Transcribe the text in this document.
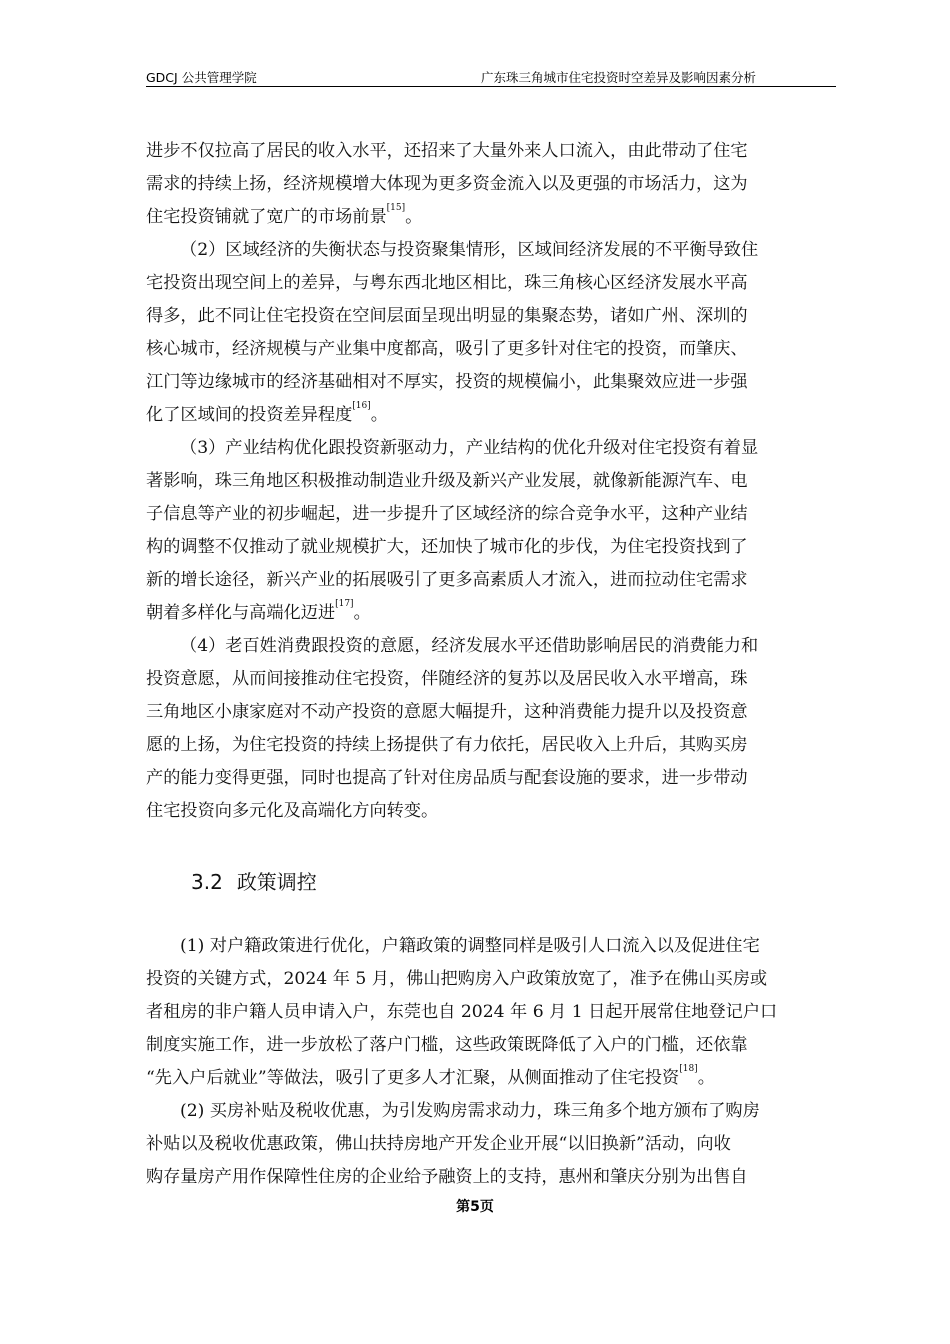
GDCJ 公共管理学院	广东珠三角城市住宅投资时空差异及影响因素分析

进步不仅拉高了居民的收入水平，还招来了大量外来人口流入，由此带动了住宅

需求的持续上扬，经济规模增大体现为更多资金流入以及更强的市场活力，这为

住宅投资铺就了宽广的市场前景[15]。

（2）区域经济的失衡状态与投资聚集情形，区域间经济发展的不平衡导致住

宅投资出现空间上的差异，与粤东西北地区相比，珠三角核心区经济发展水平高

得多，此不同让住宅投资在空间层面呈现出明显的集聚态势，诸如广州、深圳的

核心城市，经济规模与产业集中度都高，吸引了更多针对住宅的投资，而肇庆、

江门等边缘城市的经济基础相对不厚实，投资的规模偏小，此集聚效应进一步强

化了区域间的投资差异程度[16]。

（3）产业结构优化跟投资新驱动力，产业结构的优化升级对住宅投资有着显

著影响，珠三角地区积极推动制造业升级及新兴产业发展，就像新能源汽车、电

子信息等产业的初步崛起，进一步提升了区域经济的综合竞争水平，这种产业结

构的调整不仅推动了就业规模扩大，还加快了城市化的步伐，为住宅投资找到了

新的增长途径，新兴产业的拓展吸引了更多高素质人才流入，进而拉动住宅需求

朝着多样化与高端化迈进[17]。

（4）老百姓消费跟投资的意愿，经济发展水平还借助影响居民的消费能力和

投资意愿，从而间接推动住宅投资，伴随经济的复苏以及居民收入水平增高，珠

三角地区小康家庭对不动产投资的意愿大幅提升，这种消费能力提升以及投资意

愿的上扬，为住宅投资的持续上扬提供了有力依托，居民收入上升后，其购买房

产的能力变得更强，同时也提高了针对住房品质与配套设施的要求，进一步带动

住宅投资向多元化及高端化方向转变。

3.2 政策调控

(1) 对户籍政策进行优化，户籍政策的调整同样是吸引人口流入以及促进住宅

投资的关键方式，2024 年 5 月，佛山把购房入户政策放宽了，准予在佛山买房或

者租房的非户籍人员申请入户，东莞也自 2024 年 6 月 1 日起开展常住地登记户口

制度实施工作，进一步放松了落户门槛，这些政策既降低了入户的门槛，还依靠

“先入户后就业”等做法，吸引了更多人才汇聚，从侧面推动了住宅投资[18]。

(2) 买房补贴及税收优惠，为引发购房需求动力，珠三角多个地方颁布了购房

补贴以及税收优惠政策，佛山扶持房地产开发企业开展“以旧换新”活动，向收

购存量房产用作保障性住房的企业给予融资上的支持，惠州和肇庆分别为出售自

第5页
